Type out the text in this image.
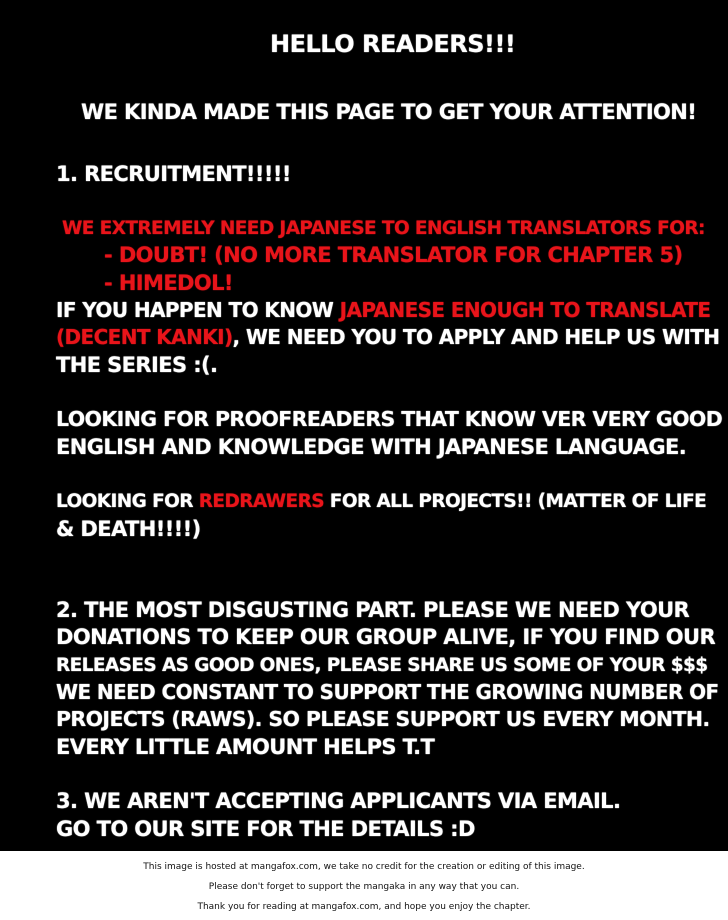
HELLO READERS!!!
WE KINDA MADE THIS PAGE TO GET YOUR ATTENTION!
1. RECRUITMENT!!!!!
WE EXTREMELY NEED JAPANESE TO ENGLISH TRANSLATORS FOR:
- DOUBT! (NO MORE TRANSLATOR FOR CHAPTER 5)
- HIMEDOL!
IF YOU HAPPEN TO KNOW JAPANESE ENOUGH TO TRANSLATE
(DECENT KANKI), WE NEED YOU TO APPLY AND HELP US WITH
THE SERIES :(.
LOOKING FOR PROOFREADERS THAT KNOW VER VERY GOOD
ENGLISH AND KNOWLEDGE WITH JAPANESE LANGUAGE.
LOOKING FOR REDRAWERS FOR ALL PROJECTS!! (MATTER OF LIFE
& DEATH!!!!)
2. THE MOST DISGUSTING PART. PLEASE WE NEED YOUR
DONATIONS TO KEEP OUR GROUP ALIVE, IF YOU FIND OUR
RELEASES AS GOOD ONES, PLEASE SHARE US SOME OF YOUR $$$
WE NEED CONSTANT TO SUPPORT THE GROWING NUMBER OF
PROJECTS (RAWS). SO PLEASE SUPPORT US EVERY MONTH.
EVERY LITTLE AMOUNT HELPS T.T
3. WE AREN'T ACCEPTING APPLICANTS VIA EMAIL.
GO TO OUR SITE FOR THE DETAILS :D
This image is hosted at mangafox.com, we take no credit for the creation or editing of this image.
Please don't forget to support the mangaka in any way that you can.
Thank you for reading at mangafox.com, and hope you enjoy the chapter.
